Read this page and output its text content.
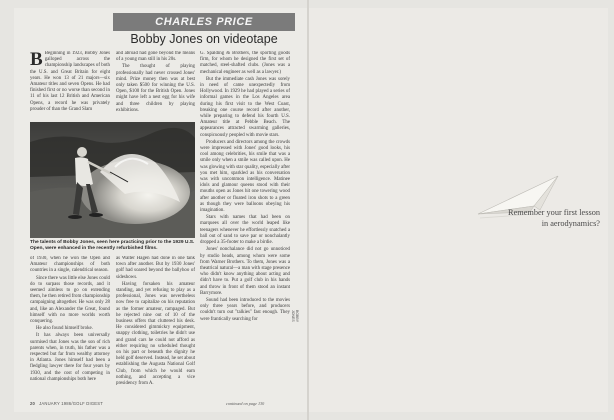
CHARLES PRICE
Bobby Jones on videotape

B Beginning in 1923, Bobby Jones galloped across the championship landscapes of both the U.S. and Great Britain for eight years. He won 13 of 21 majors—six Amateur titles and seven Opens. He had finished first or no worse than second in 11 of his last 12 British and American Opens, a record he was privately prouder of than the Grand Slam

and abroad had gone beyond the means of a young man still in his 20s.

The thought of playing professionally had never crossed Jones' mind. Prize money then was at best only taken $500 for winning the U.S. Open, $100 for the British Open. Jones might have left a nest egg for his wife and three children by playing exhibitions.

G. Spalding & Brothers, the sporting goods firm, for whom he designed the first set of matched, steel-shafted clubs. (Jones was a mechanical engineer as well as a lawyer.)

But the immediate cash Jones was sorely in need of came unexpectedly from Hollywood. In 1929 he had played a series of informal games in the Los Angeles area during his first visit to the West Coast, breaking one course record after another, while preparing to defend his fourth U.S. Amateur title at Pebble Beach. The appearances attracted swarming galleries, conspicuously peopled with movie stars.

Producers and directors among the crowds were impressed with Jones' good looks, his cool among celebrities, his smile that was a smile only when a smile was called upon. He was glowing with star quality, especially after you met him, sparkled as his conversation was with uncommon intelligence. Matinee idols and glamour queens stood with their mouths open as Jones hit one towering wood after another or floated iron shots to a green as though they were balloons obeying his imagination.

Stars with names that had been on marquees all over the world leaped like teenagers whenever he effortlessly snatched a ball out of sand to save par or nonchalantly dropped a 35-footer to make a birdie.

Jones' nonchalance did not go unnoticed by studio heads, among whom were some from Warner Brothers. To them, Jones was a theatrical natural—a man with stage presence who didn't know anything about acting and didn't have to. Put a golf club in his hands and throw in front of them stood an instant Barrymore.

Sound had been introduced to the movies only three years before, and producers couldn't turn out "talkies" fast enough. They were frantically searching for

The talents of Bobby Jones, seen here practicing prior to the 1929 U.S. Open, were enhanced in the recently refurbished films.

of 1930, when he won the Open and Amateur championships of both countries in a single, calendrical season.

Since there was little else Jones could do to surpass those records, and it seemed aimless to go on extending them, he then retired from championship campaigning altogether. He was only 28 and, like an Alexander the Great, found himself with no more worlds worth conquering.

He also found himself broke.

It has always been universally surmised that Jones was the son of rich parents when, in truth, his father was a respected but far from wealthy attorney in Atlanta. Jones himself had been a fledgling lawyer there for four years by 1930, and the cost of competing in national championships both here

as Walter Hagen had done in one tank town after another. But by 1930 Jones' golf had soared beyond the ballyhoo of sideshows.

Having forsaken his amateur standing, and yet refusing to play as a professional, Jones was nevertheless now free to capitalize on his reputation as the former amateur, rampaged. But he rejected nine out of 10 of the business offers that cluttered his desk. He considered gimmickry equipment, snappy clothing, toiletries he didn't use and grand cars he could not afford as either requiring no scheduled thought on his part or beneath the dignity he held golf deserved. Instead, he set about establishing the Augusta National Golf Club, from which he would earn nothing, and accepting a vice presidency from A.

BOBBY JONES
20 JANUARY 1986/GOLF DIGEST	continued on page 130
Remember your first lesson
in aerodynamics?
